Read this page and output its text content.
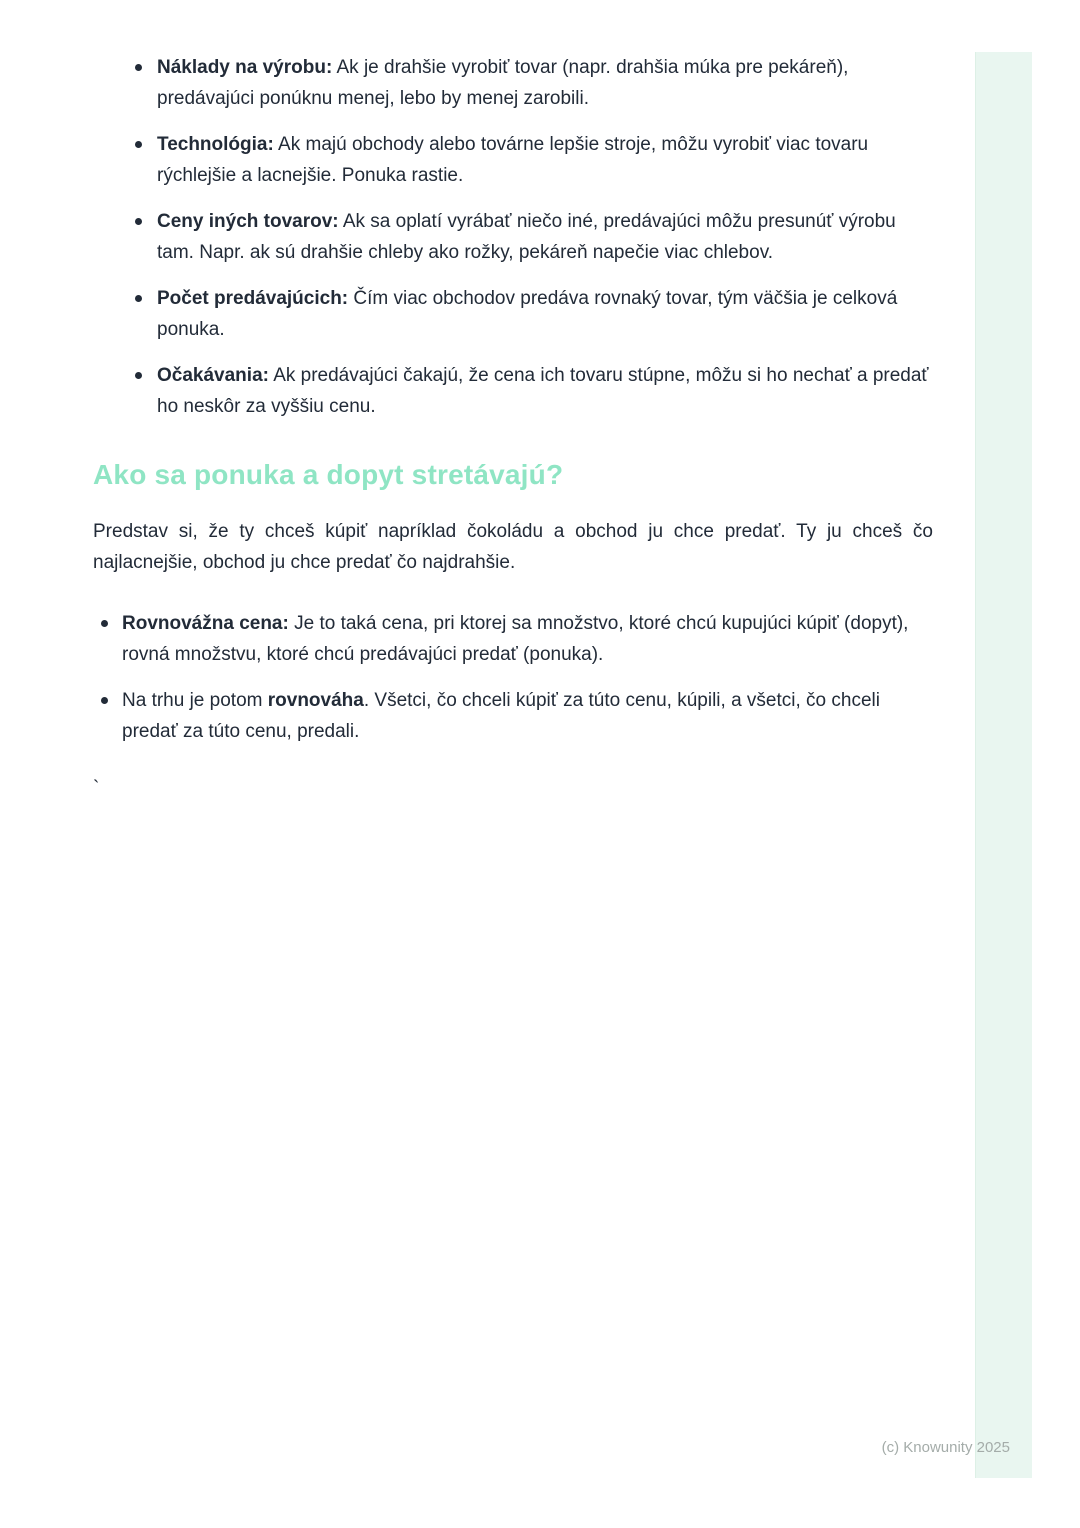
Náklady na výrobu: Ak je drahšie vyrobiť tovar (napr. drahšia múka pre pekáreň), predávajúci ponúknu menej, lebo by menej zarobili.
Technológia: Ak majú obchody alebo továrne lepšie stroje, môžu vyrobiť viac tovaru rýchlejšie a lacnejšie. Ponuka rastie.
Ceny iných tovarov: Ak sa oplatí vyrábať niečo iné, predávajúci môžu presunúť výrobu tam. Napr. ak sú drahšie chleby ako rožky, pekáreň napečie viac chlebov.
Počet predávajúcich: Čím viac obchodov predáva rovnaký tovar, tým väčšia je celková ponuka.
Očakávania: Ak predávajúci čakajú, že cena ich tovaru stúpne, môžu si ho nechať a predať ho neskôr za vyššiu cenu.
Ako sa ponuka a dopyt stretávajú?

Predstav si, že ty chceš kúpiť napríklad čokoládu a obchod ju chce predať. Ty ju chceš čo najlacnejšie, obchod ju chce predať čo najdrahšie.

Rovnovážna cena: Je to taká cena, pri ktorej sa množstvo, ktoré chcú kupujúci kúpiť (dopyt), rovná množstvu, ktoré chcú predávajúci predať (ponuka).
Na trhu je potom rovnováha. Všetci, čo chceli kúpiť za túto cenu, kúpili, a všetci, čo chceli predať za túto cenu, predali.

`

(c) Knowunity 2025
